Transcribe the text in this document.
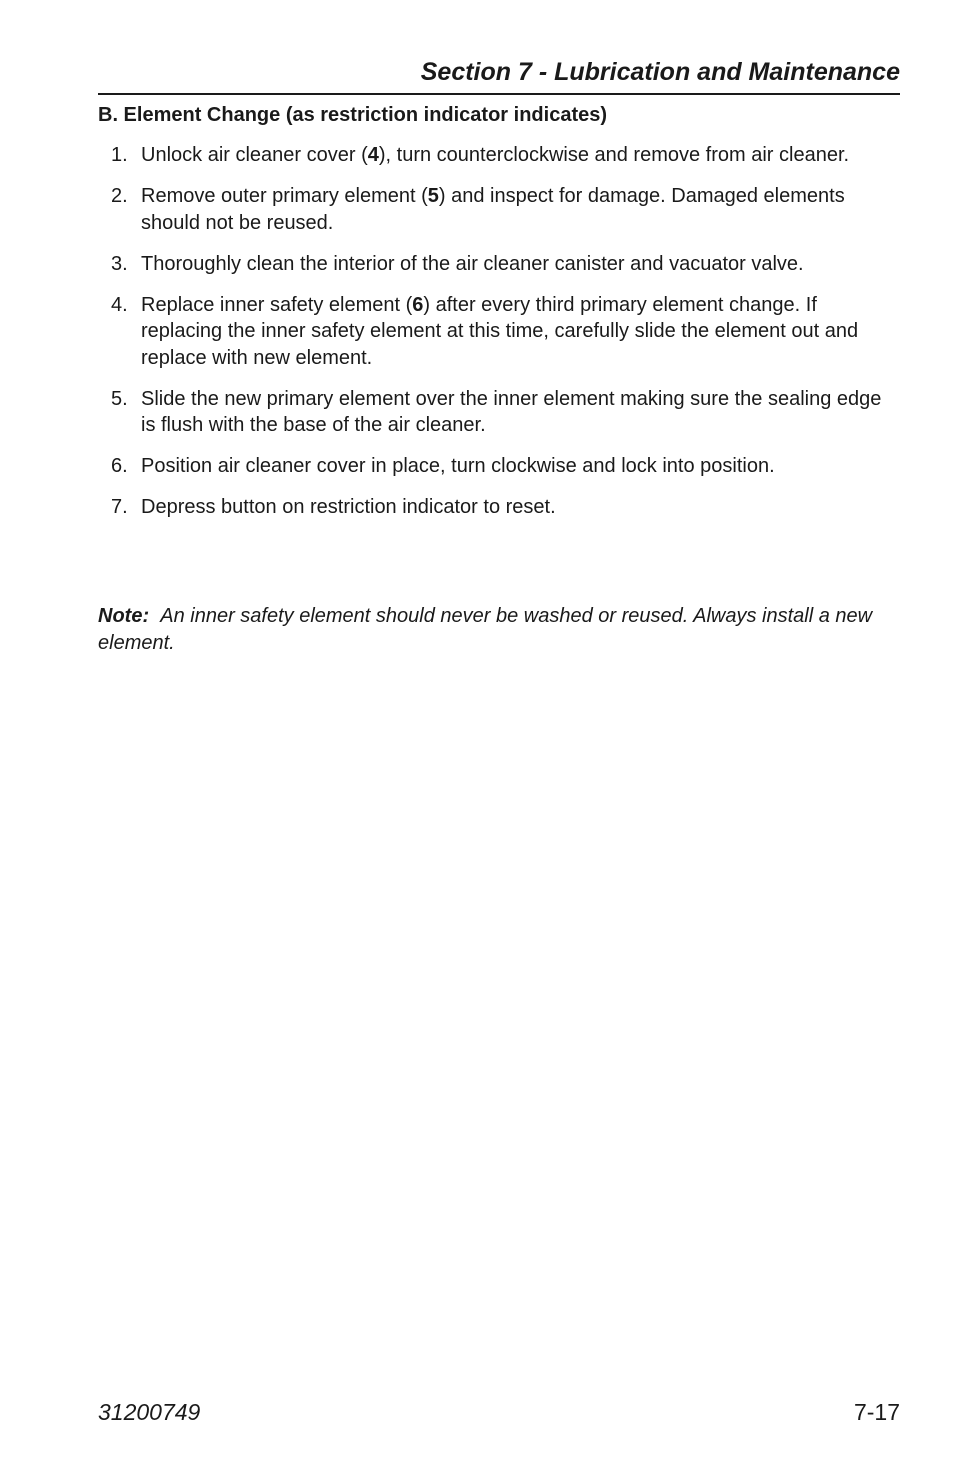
Section 7 - Lubrication and Maintenance
B. Element Change (as restriction indicator indicates)
1. Unlock air cleaner cover (4), turn counterclockwise and remove from air cleaner.
2. Remove outer primary element (5) and inspect for damage. Damaged elements should not be reused.
3. Thoroughly clean the interior of the air cleaner canister and vacuator valve.
4. Replace inner safety element (6) after every third primary element change. If replacing the inner safety element at this time, carefully slide the element out and replace with new element.
5. Slide the new primary element over the inner element making sure the sealing edge is flush with the base of the air cleaner.
6. Position air cleaner cover in place, turn clockwise and lock into position.
7. Depress button on restriction indicator to reset.
Note: An inner safety element should never be washed or reused. Always install a new element.
31200749	7-17
